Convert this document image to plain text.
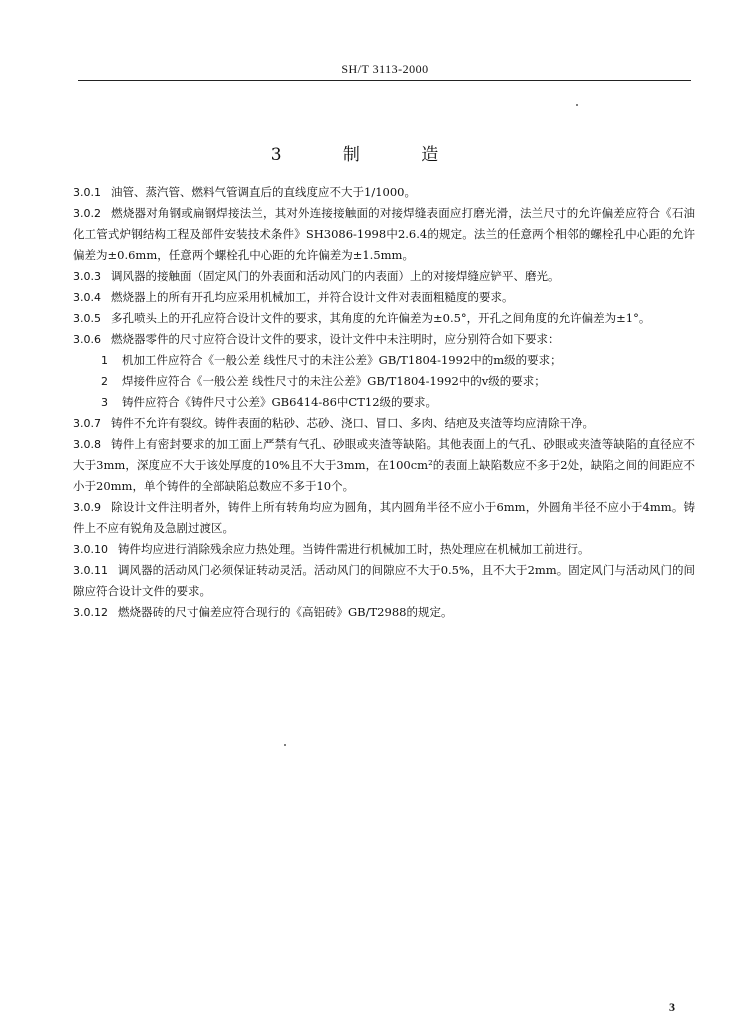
SH/T 3113-2000
3 制 造

3.0.1 油管、蒸汽管、燃料气管调直后的直线度应不大于1/1000。

3.0.2 燃烧器对角钢或扁钢焊接法兰，其对外连接接触面的对接焊缝表面应打磨光滑，法兰尺寸的允许偏差应符合《石油化工管式炉钢结构工程及部件安装技术条件》SH3086-1998中2.6.4的规定。法兰的任意两个相邻的螺栓孔中心距的允许偏差为±0.6mm，任意两个螺栓孔中心距的允许偏差为±1.5mm。

3.0.3 调风器的接触面（固定风门的外表面和活动风门的内表面）上的对接焊缝应铲平、磨光。

3.0.4 燃烧器上的所有开孔均应采用机械加工，并符合设计文件对表面粗糙度的要求。

3.0.5 多孔喷头上的开孔应符合设计文件的要求，其角度的允许偏差为±0.5°，开孔之间角度的允许偏差为±1°。

3.0.6 燃烧器零件的尺寸应符合设计文件的要求，设计文件中未注明时，应分别符合如下要求：

1 机加工件应符合《一般公差 线性尺寸的未注公差》GB/T1804-1992中的m级的要求；

2 焊接件应符合《一般公差 线性尺寸的未注公差》GB/T1804-1992中的v级的要求；

3 铸件应符合《铸件尺寸公差》GB6414-86中CT12级的要求。

3.0.7 铸件不允许有裂纹。铸件表面的粘砂、芯砂、浇口、冒口、多肉、结疤及夹渣等均应清除干净。

3.0.8 铸件上有密封要求的加工面上严禁有气孔、砂眼或夹渣等缺陷。其他表面上的气孔、砂眼或夹渣等缺陷的直径应不大于3mm，深度应不大于该处厚度的10%且不大于3mm，在100cm²的表面上缺陷数应不多于2处，缺陷之间的间距应不小于20mm，单个铸件的全部缺陷总数应不多于10个。

3.0.9 除设计文件注明者外，铸件上所有转角均应为圆角，其内圆角半径不应小于6mm，外圆角半径不应小于4mm。铸件上不应有锐角及急剧过渡区。

3.0.10 铸件均应进行消除残余应力热处理。当铸件需进行机械加工时，热处理应在机械加工前进行。

3.0.11 调风器的活动风门必须保证转动灵活。活动风门的间隙应不大于0.5%，且不大于2mm。固定风门与活动风门的间隙应符合设计文件的要求。

3.0.12 燃烧器砖的尺寸偏差应符合现行的《高铝砖》GB/T2988的规定。

3
